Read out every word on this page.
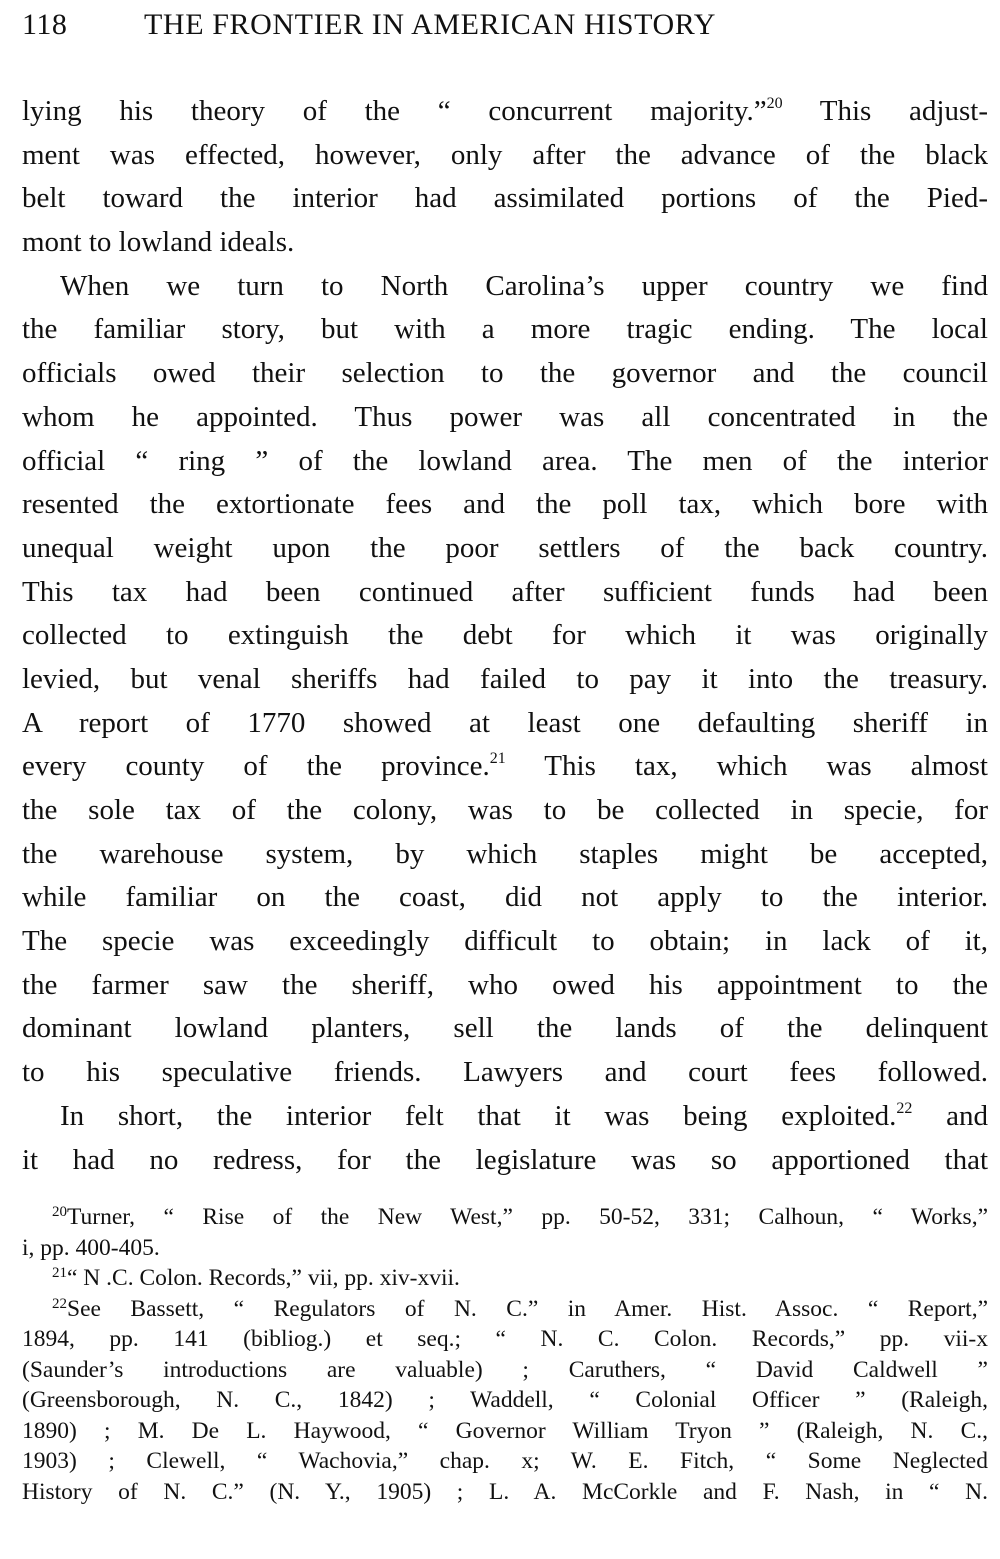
118	THE FRONTIER IN AMERICAN HISTORY
lying his theory of the “ concurrent majority.”$^{20}$ This adjust-
ment was effected, however, only after the advance of the black
belt toward the interior had assimilated portions of the Pied-
mont to lowland ideals.
When we turn to North Carolina’s upper country we find
the familiar story, but with a more tragic ending. The local
officials owed their selection to the governor and the council
whom he appointed. Thus power was all concentrated in the
official “ ring ” of the lowland area. The men of the interior
resented the extortionate fees and the poll tax, which bore with
unequal weight upon the poor settlers of the back country.
This tax had been continued after sufficient funds had been
collected to extinguish the debt for which it was originally
levied, but venal sheriffs had failed to pay it into the treasury.
A report of 1770 showed at least one defaulting sheriff in
every county of the province.$^{21}$ This tax, which was almost
the sole tax of the colony, was to be collected in specie, for
the warehouse system, by which staples might be accepted,
while familiar on the coast, did not apply to the interior.
The specie was exceedingly difficult to obtain; in lack of it,
the farmer saw the sheriff, who owed his appointment to the
dominant lowland planters, sell the lands of the delinquent
to his speculative friends. Lawyers and court fees followed.
In short, the interior felt that it was being exploited.$^{22}$ and
it had no redress, for the legislature was so apportioned that
$^{20}$Turner, “ Rise of the New West,” pp. 50-52, 331; Calhoun, “ Works,”
i, pp. 400-405.
$^{21}$“ N .C. Colon. Records,” vii, pp. xiv-xvii.
$^{22}$See Bassett, “ Regulators of N. C.” in Amer. Hist. Assoc. “ Report,”
1894, pp. 141 (bibliog.) et seq.; “ N. C. Colon. Records,” pp. vii-x
(Saunder’s introductions are valuable) ; Caruthers, “ David Caldwell ”
(Greensborough, N. C., 1842) ; Waddell, “ Colonial Officer ” (Raleigh,
1890) ; M. De L. Haywood, “ Governor William Tryon ” (Raleigh, N. C.,
1903) ; Clewell, “ Wachovia,” chap. x; W. E. Fitch, “ Some Neglected
History of N. C.” (N. Y., 1905) ; L. A. McCorkle and F. Nash, in “ N.
